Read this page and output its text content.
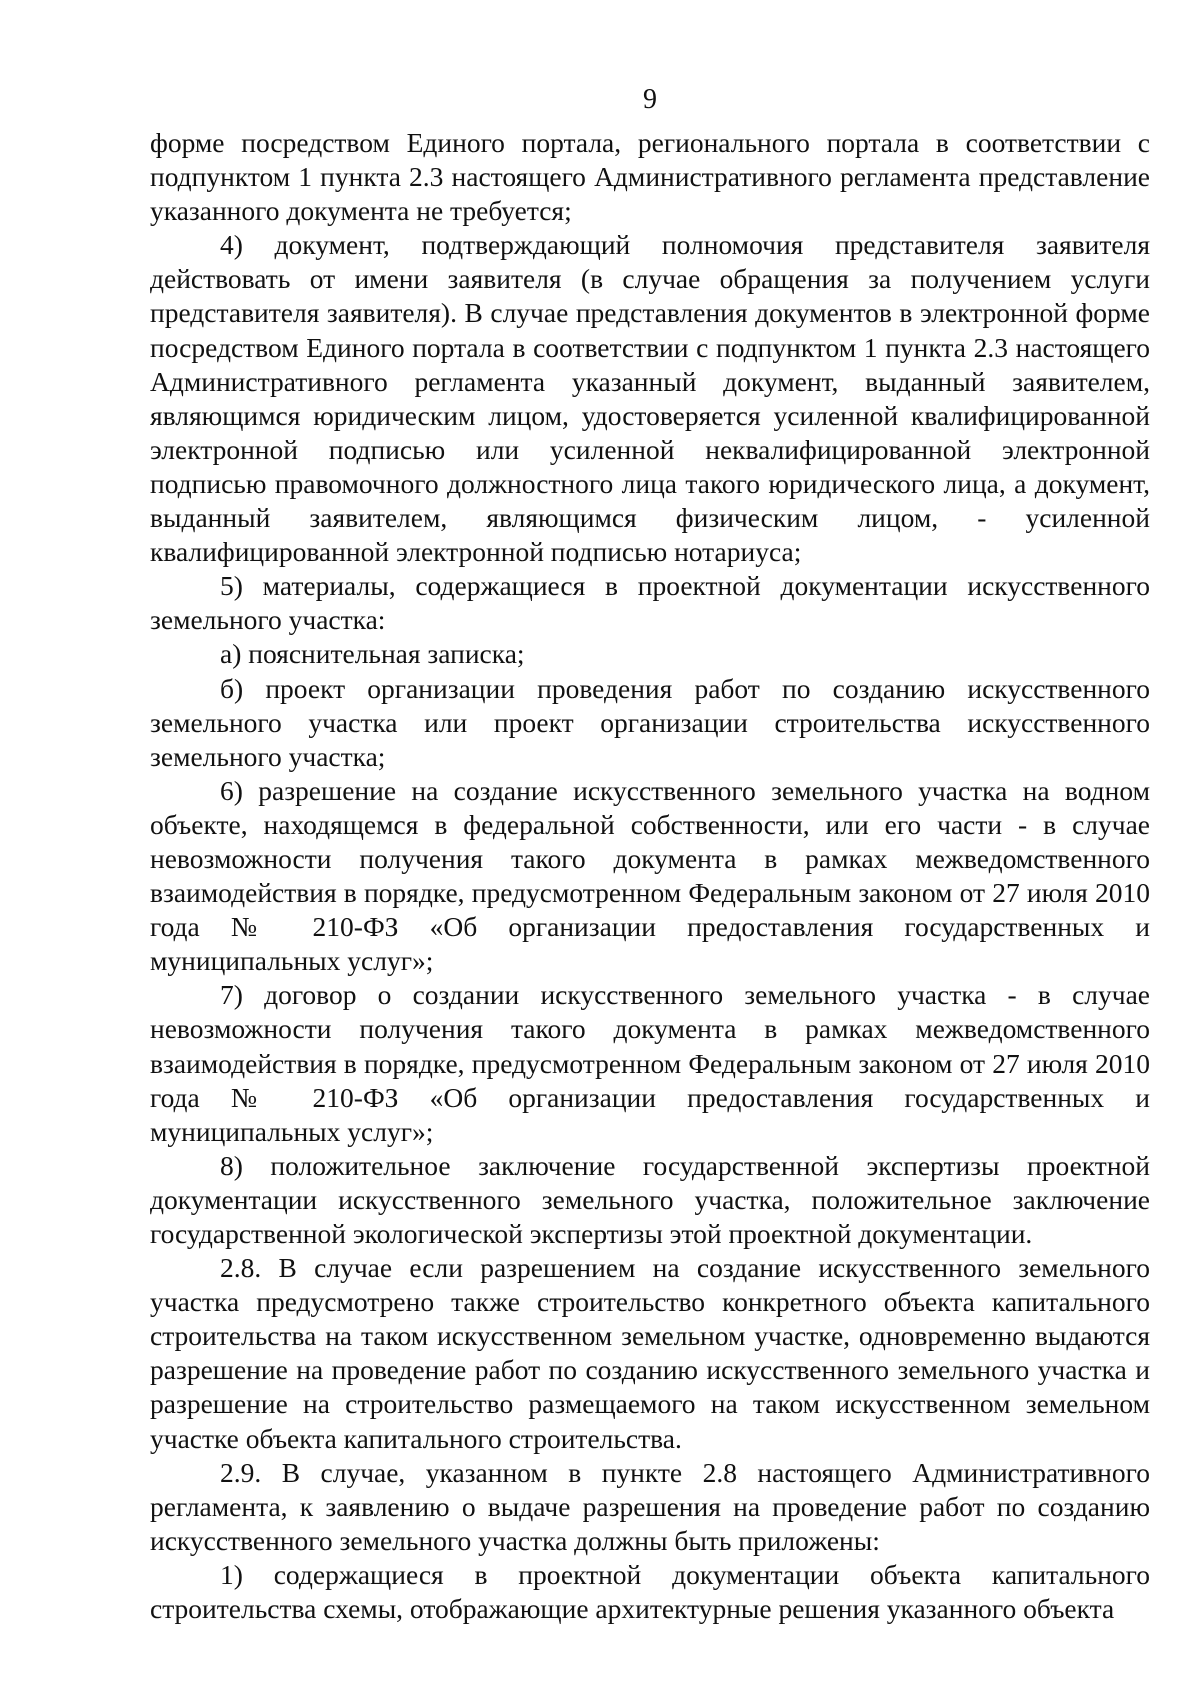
9

форме посредством Единого портала, регионального портала в соответствии с подпунктом 1 пункта 2.3 настоящего Административного регламента представление указанного документа не требуется;

4) документ, подтверждающий полномочия представителя заявителя действовать от имени заявителя (в случае обращения за получением услуги представителя заявителя). В случае представления документов в электронной форме посредством Единого портала в соответствии с подпунктом 1 пункта 2.3 настоящего Административного регламента указанный документ, выданный заявителем, являющимся юридическим лицом, удостоверяется усиленной квалифицированной электронной подписью или усиленной неквалифицированной электронной подписью правомочного должностного лица такого юридического лица, а документ, выданный заявителем, являющимся физическим лицом, - усиленной квалифицированной электронной подписью нотариуса;

5) материалы, содержащиеся в проектной документации искусственного земельного участка:

а) пояснительная записка;

б) проект организации проведения работ по созданию искусственного земельного участка или проект организации строительства искусственного земельного участка;

6) разрешение на создание искусственного земельного участка на водном объекте, находящемся в федеральной собственности, или его части - в случае невозможности получения такого документа в рамках межведомственного взаимодействия в порядке, предусмотренном Федеральным законом от 27 июля 2010 года № 210-ФЗ «Об организации предоставления государственных и муниципальных услуг»;

7) договор о создании искусственного земельного участка - в случае невозможности получения такого документа в рамках межведомственного взаимодействия в порядке, предусмотренном Федеральным законом от 27 июля 2010 года № 210-ФЗ «Об организации предоставления государственных и муниципальных услуг»;

8) положительное заключение государственной экспертизы проектной документации искусственного земельного участка, положительное заключение государственной экологической экспертизы этой проектной документации.

2.8. В случае если разрешением на создание искусственного земельного участка предусмотрено также строительство конкретного объекта капитального строительства на таком искусственном земельном участке, одновременно выдаются разрешение на проведение работ по созданию искусственного земельного участка и разрешение на строительство размещаемого на таком искусственном земельном участке объекта капитального строительства.

2.9. В случае, указанном в пункте 2.8 настоящего Административного регламента, к заявлению о выдаче разрешения на проведение работ по созданию искусственного земельного участка должны быть приложены:

1) содержащиеся в проектной документации объекта капитального строительства схемы, отображающие архитектурные решения указанного объекта
